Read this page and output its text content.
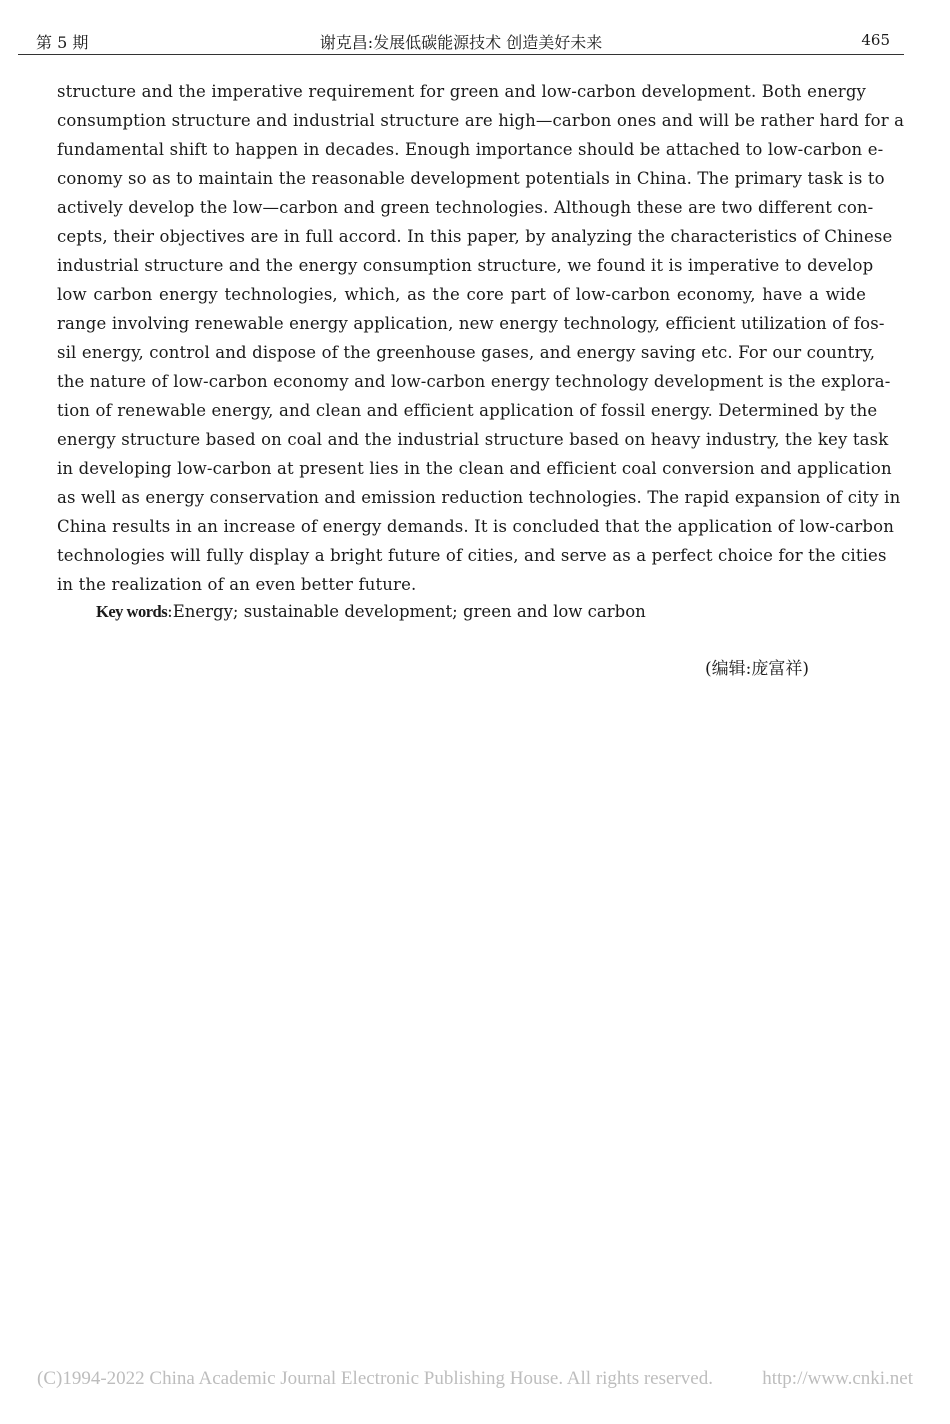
第 5 期	谢克昌:发展低碳能源技术 创造美好未来	465
structure and the imperative requirement for green and low-carbon development. Both energy
consumption structure and industrial structure are high—carbon ones and will be rather hard for a
fundamental shift to happen in decades. Enough importance should be attached to low-carbon e-
conomy so as to maintain the reasonable development potentials in China. The primary task is to
actively develop the low—carbon and green technologies. Although these are two different con-
cepts, their objectives are in full accord. In this paper, by analyzing the characteristics of Chinese
industrial structure and the energy consumption structure, we found it is imperative to develop
low carbon energy technologies, which, as the core part of low-carbon economy, have a wide
range involving renewable energy application, new energy technology, efficient utilization of fos-
sil energy, control and dispose of the greenhouse gases, and energy saving etc. For our country,
the nature of low-carbon economy and low-carbon energy technology development is the explora-
tion of renewable energy, and clean and efficient application of fossil energy. Determined by the
energy structure based on coal and the industrial structure based on heavy industry, the key task
in developing low-carbon at present lies in the clean and efficient coal conversion and application
as well as energy conservation and emission reduction technologies. The rapid expansion of city in
China results in an increase of energy demands. It is concluded that the application of low-carbon
technologies will fully display a bright future of cities, and serve as a perfect choice for the cities
in the realization of an even better future.
Key words:Energy; sustainable development; green and low carbon
(编辑:庞富祥)
(C)1994-2022 China Academic Journal Electronic Publishing House. All rights reserved.	http://www.cnki.net
